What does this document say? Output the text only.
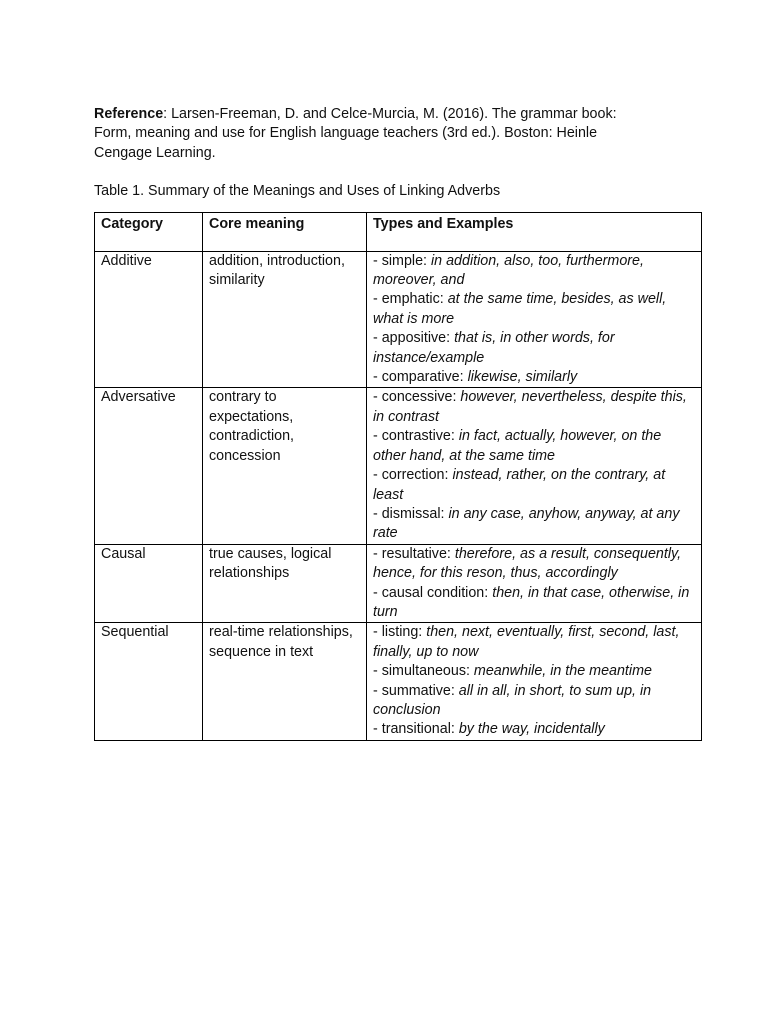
Reference: Larsen-Freeman, D. and Celce-Murcia, M. (2016). The grammar book: Form, meaning and use for English language teachers (3rd ed.). Boston: Heinle Cengage Learning.

Table 1. Summary of the Meanings and Uses of Linking Adverbs

Category	Core meaning	Types and Examples
Additive	addition, introduction, similarity	- simple: in addition, also, too, furthermore, moreover, and
- emphatic: at the same time, besides, as well, what is more
- appositive: that is, in other words, for instance/example
- comparative: likewise, similarly

Adversative	contrary to expectations, contradiction, concession	- concessive: however, nevertheless, despite this, in contrast
- contrastive: in fact, actually, however, on the other hand, at the same time
- correction: instead, rather, on the contrary, at least
- dismissal: in any case, anyhow, anyway, at any rate

Causal	true causes, logical relationships	- resultative: therefore, as a result, consequently, hence, for this reson, thus, accordingly
- causal condition: then, in that case, otherwise, in turn

Sequential	real-time relationships, sequence in text	- listing: then, next, eventually, first, second, last, finally, up to now
- simultaneous: meanwhile, in the meantime
- summative: all in all, in short, to sum up, in conclusion
- transitional: by the way, incidentally
